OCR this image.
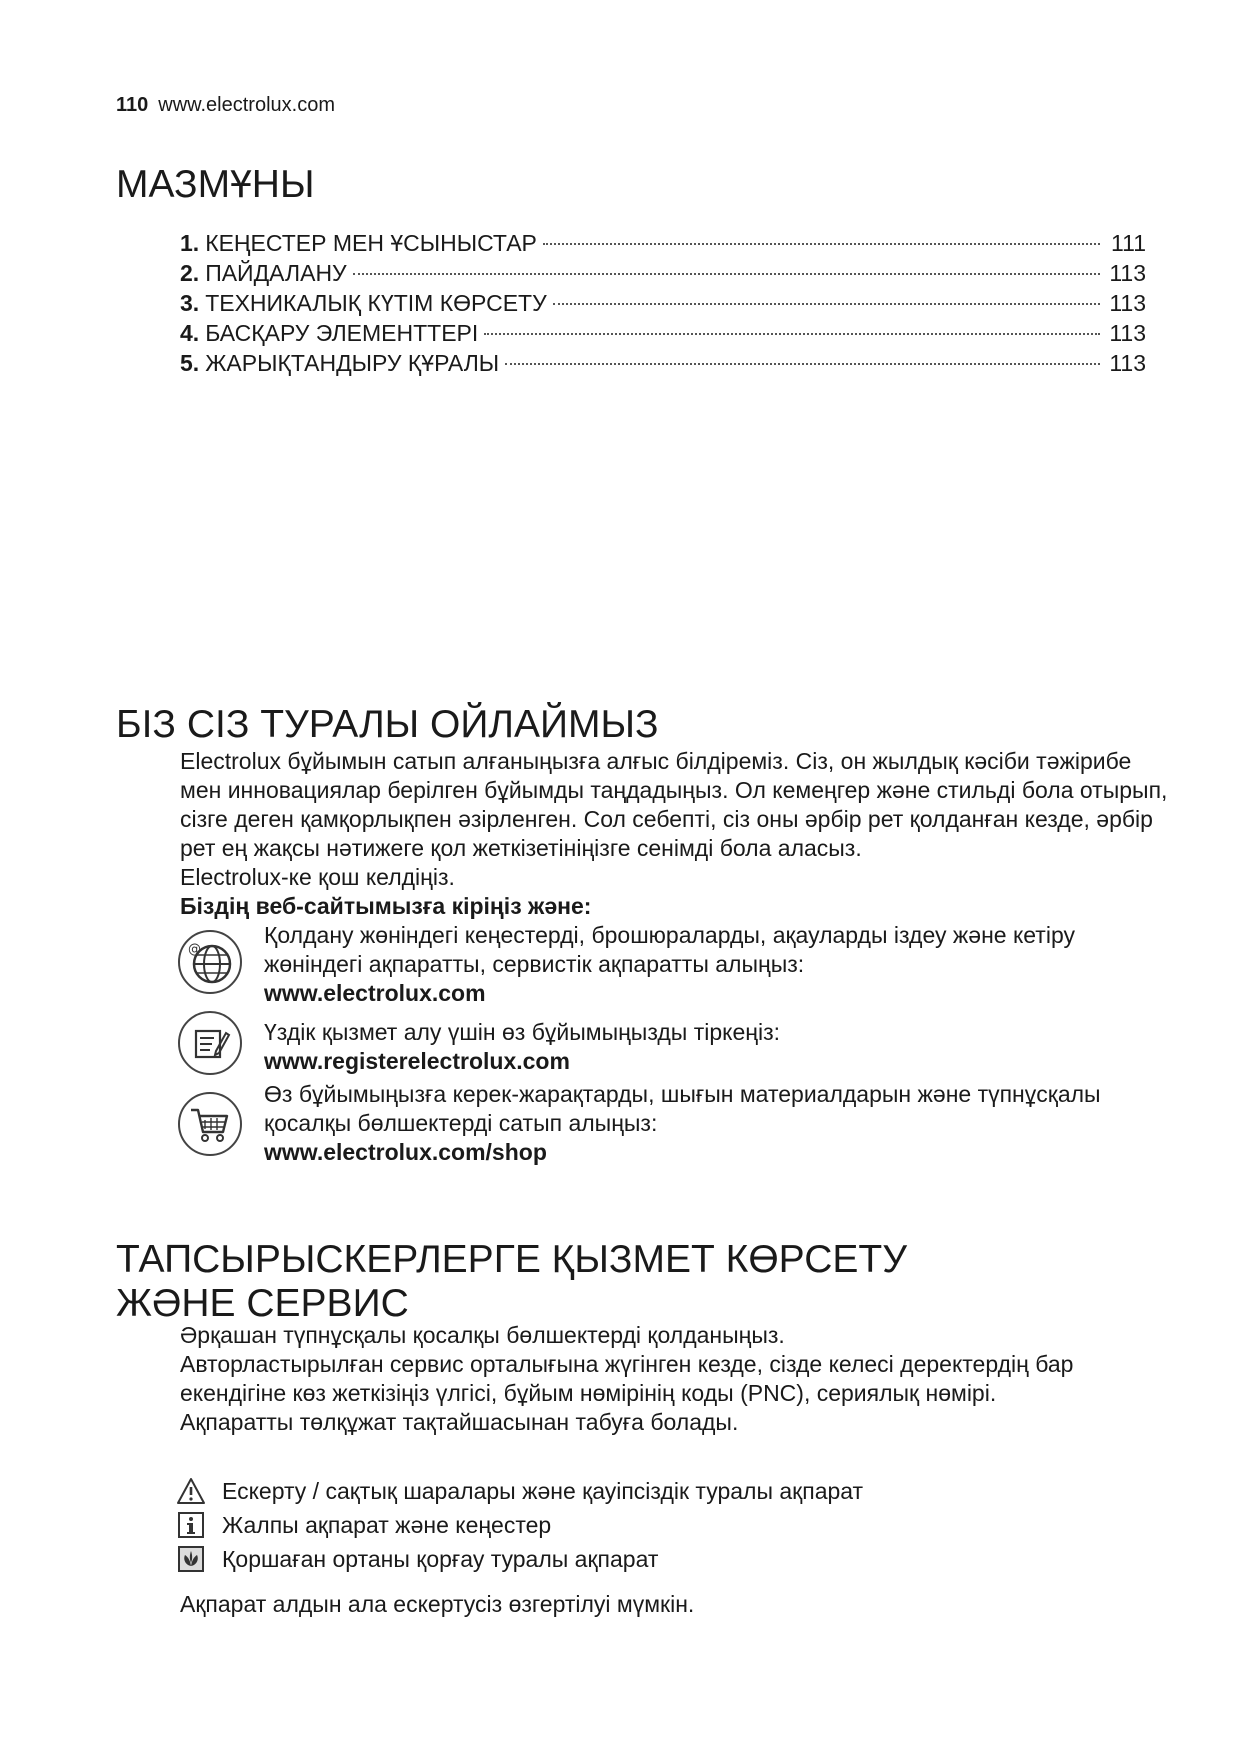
110 www.electrolux.com
МАЗМҰНЫ
1. КЕҢЕСТЕР МЕН ҰСЫНЫСТАР	111
2. ПАЙДАЛАНУ	113
3. ТЕХНИКАЛЫҚ КҮТІМ КӨРСЕТУ	113
4. БАСҚАРУ ЭЛЕМЕНТТЕРІ	113
5. ЖАРЫҚТАНДЫРУ ҚҰРАЛЫ	113
БІЗ СІЗ ТУРАЛЫ ОЙЛАЙМЫЗ
Electrolux бұйымын сатып алғаныңызға алғыс білдіреміз. Сіз, он жылдық кәсіби тәжірибе
мен инновациялар берілген бұйымды таңдадыңыз. Ол кемеңгер және стильді бола отырып,
сізге деген қамқорлықпен әзірленген. Сол себепті, сіз оны әрбір рет қолданған кезде, әрбір
рет ең жақсы нәтижеге қол жеткізетініңізге сенімді бола аласыз.
Electrolux-ке қош келдіңіз.
Біздің веб-сайтымызға кіріңіз және:
@
Қолдану жөніндегі кеңестерді, брошюраларды, ақауларды іздеу және кетіру
жөніндегі ақпаратты, сервистік ақпаратты алыңыз:
www.electrolux.com
Үздік қызмет алу үшін өз бұйымыңызды тіркеңіз:
www.registerelectrolux.com
Өз бұйымыңызға керек-жарақтарды, шығын материалдарын және түпнұсқалы
қосалқы бөлшектерді сатып алыңыз:
www.electrolux.com/shop
ТАПСЫРЫСКЕРЛЕРГЕ ҚЫЗМЕТ КӨРСЕТУ
ЖӘНЕ СЕРВИС
Әрқашан түпнұсқалы қосалқы бөлшектерді қолданыңыз.
Авторластырылған сервис орталығына жүгінген кезде, сізде келесі деректердің бар
екендігіне көз жеткізіңіз үлгісі, бұйым нөмірінің коды (PNC), сериялық нөмірі.
Ақпаратты төлқұжат тақтайшасынан табуға болады.
Ескерту / сақтық шаралары және қауіпсіздік туралы ақпарат
Жалпы ақпарат және кеңестер
Қоршаған ортаны қорғау туралы ақпарат
Ақпарат алдын ала ескертусіз өзгертілуі мүмкін.
